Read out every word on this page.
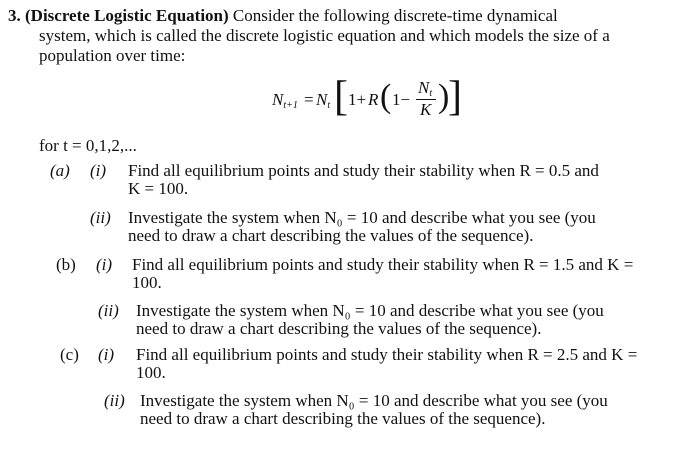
3. (Discrete Logistic Equation) Consider the following discrete-time dynamical
system, which is called the discrete logistic equation and which models the size of a
population over time:
$N_{t+1} = N_t$ [ 1+ R ( 1−
$N_t$
K )
]
for t = 0,1,2,...
(a) (i) Find all equilibrium points and study their stability when R = 0.5 and
K = 100.
(ii) Investigate the system when N₀ = 10 and describe what you see (you
need to draw a chart describing the values of the sequence).
(b) (i) Find all equilibrium points and study their stability when R = 1.5 and K =
100.
(ii) Investigate the system when N₀ = 10 and describe what you see (you
need to draw a chart describing the values of the sequence).
(c) (i) Find all equilibrium points and study their stability when R = 2.5 and K =
100.
(ii) Investigate the system when N₀ = 10 and describe what you see (you
need to draw a chart describing the values of the sequence).
